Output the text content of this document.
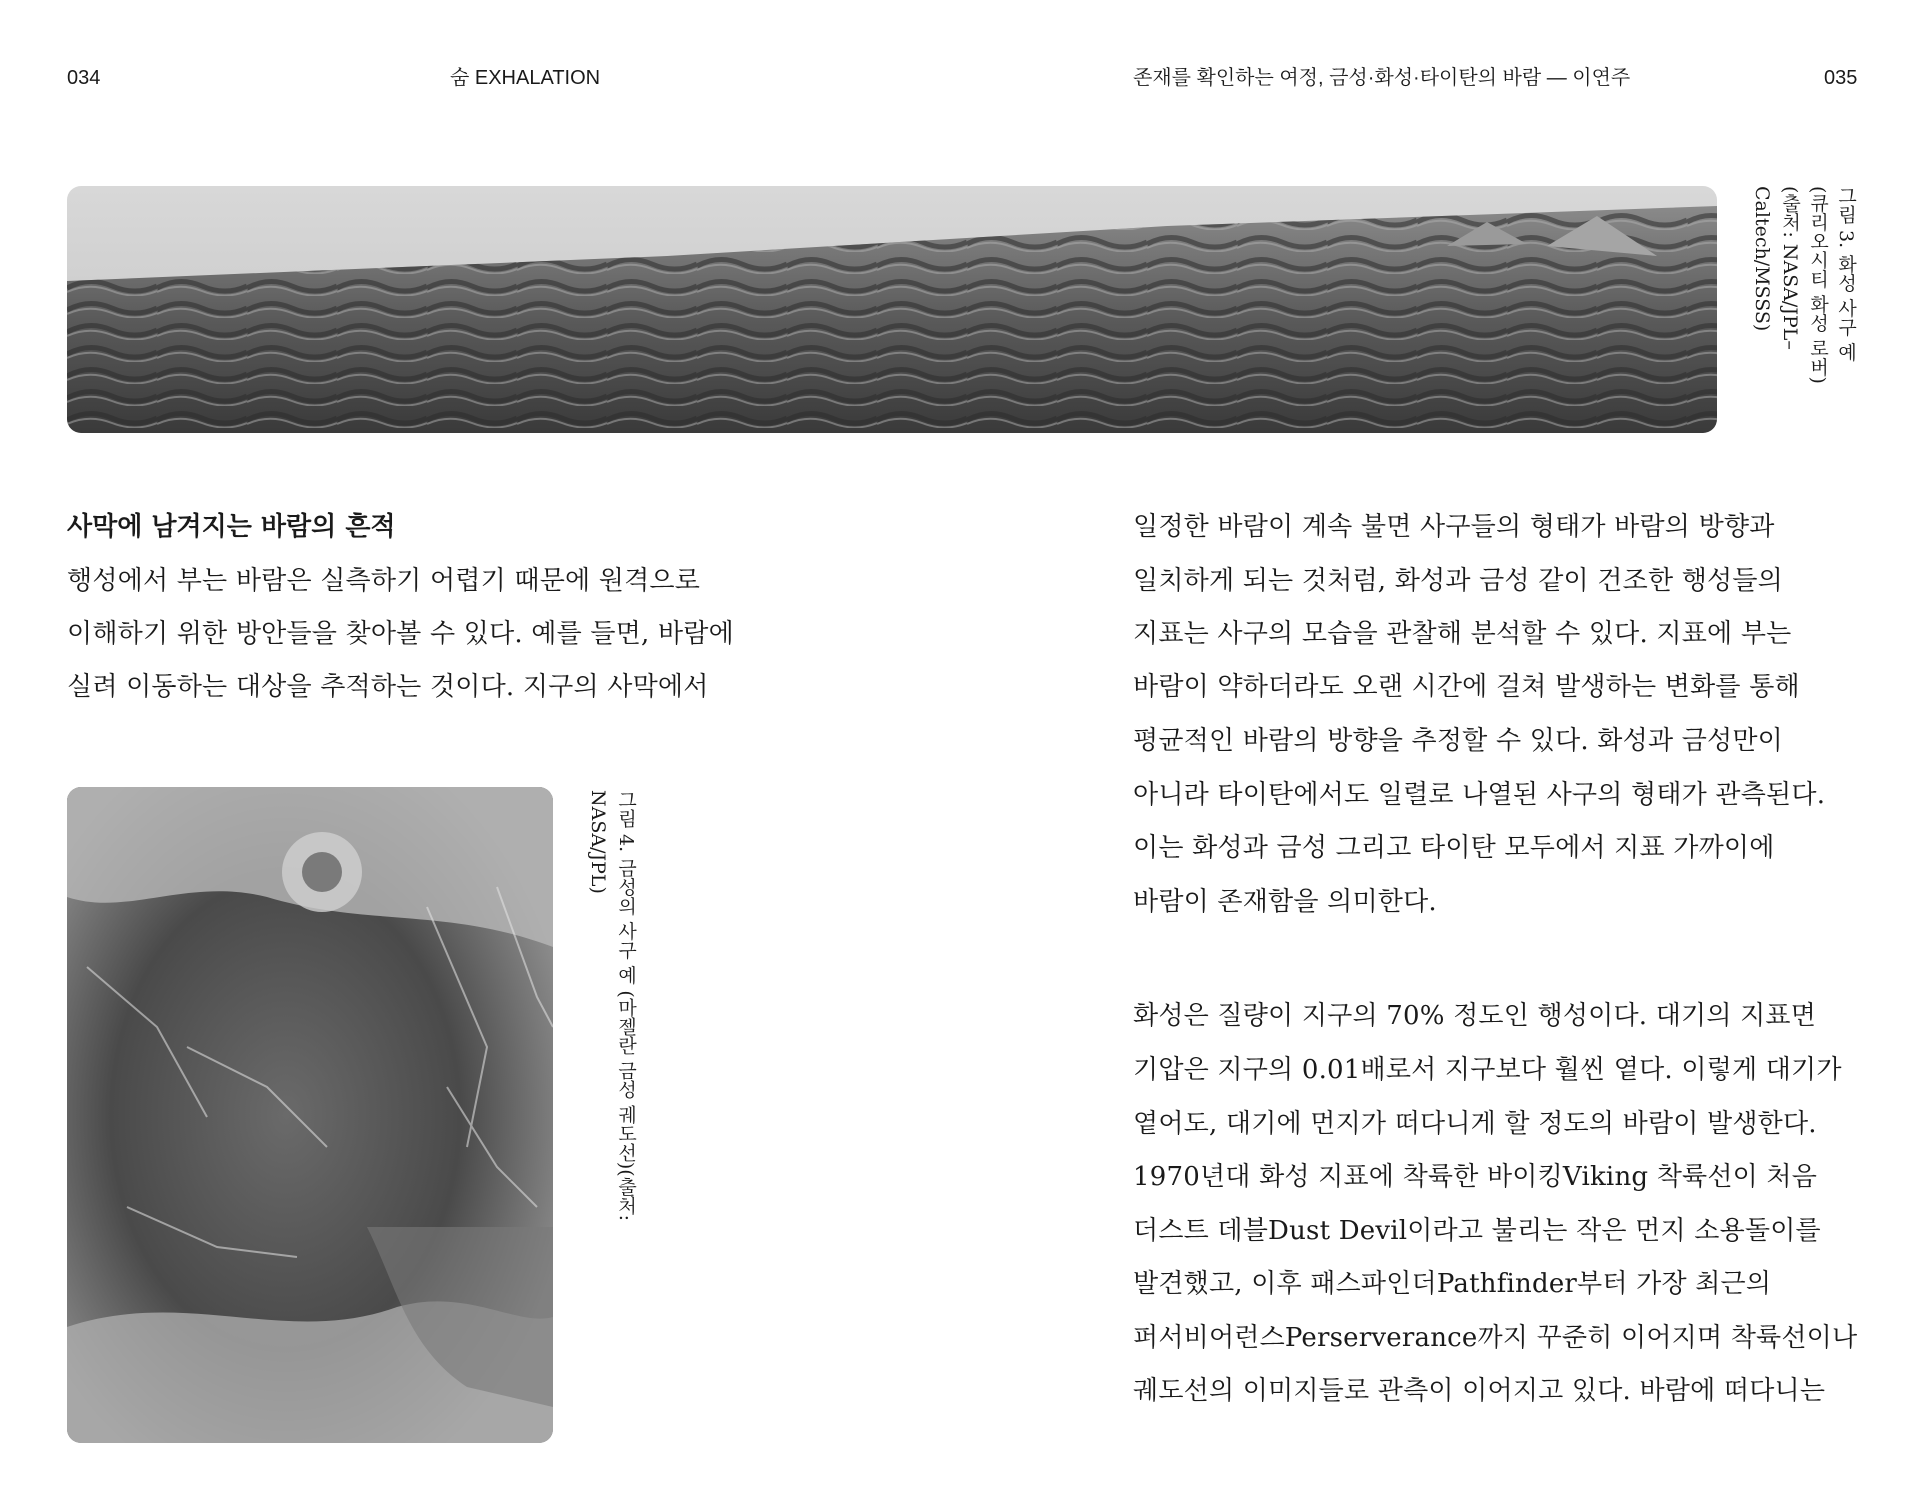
034	숨 EXHALATION	존재를 확인하는 여정, 금성·화성·타이탄의 바람 — 이연주	035
그림 3. 화성 사구 예
(큐리오시티 화성 로버)
(출처: NASA/JPL–
Caltech/MSSS)
사막에 남겨지는 바람의 흔적
행성에서 부는 바람은 실측하기 어렵기 때문에 원격으로
이해하기 위한 방안들을 찾아볼 수 있다. 예를 들면, 바람에
실려 이동하는 대상을 추적하는 것이다. 지구의 사막에서
그림 4. 금성의 사구 예 (마젤란 금성 궤도선)(출처: NASA/JPL)
일정한 바람이 계속 불면 사구들의 형태가 바람의 방향과
일치하게 되는 것처럼, 화성과 금성 같이 건조한 행성들의
지표는 사구의 모습을 관찰해 분석할 수 있다. 지표에 부는
바람이 약하더라도 오랜 시간에 걸쳐 발생하는 변화를 통해
평균적인 바람의 방향을 추정할 수 있다. 화성과 금성만이
아니라 타이탄에서도 일렬로 나열된 사구의 형태가 관측된다.
이는 화성과 금성 그리고 타이탄 모두에서 지표 가까이에
바람이 존재함을 의미한다.
화성은 질량이 지구의 70% 정도인 행성이다. 대기의 지표면
기압은 지구의 0.01배로서 지구보다 훨씬 옅다. 이렇게 대기가
옅어도, 대기에 먼지가 떠다니게 할 정도의 바람이 발생한다.
1970년대 화성 지표에 착륙한 바이킹Viking 착륙선이 처음
더스트 데블Dust Devil이라고 불리는 작은 먼지 소용돌이를
발견했고, 이후 패스파인더Pathfinder부터 가장 최근의
퍼서비어런스Perserverance까지 꾸준히 이어지며 착륙선이나
궤도선의 이미지들로 관측이 이어지고 있다. 바람에 떠다니는
